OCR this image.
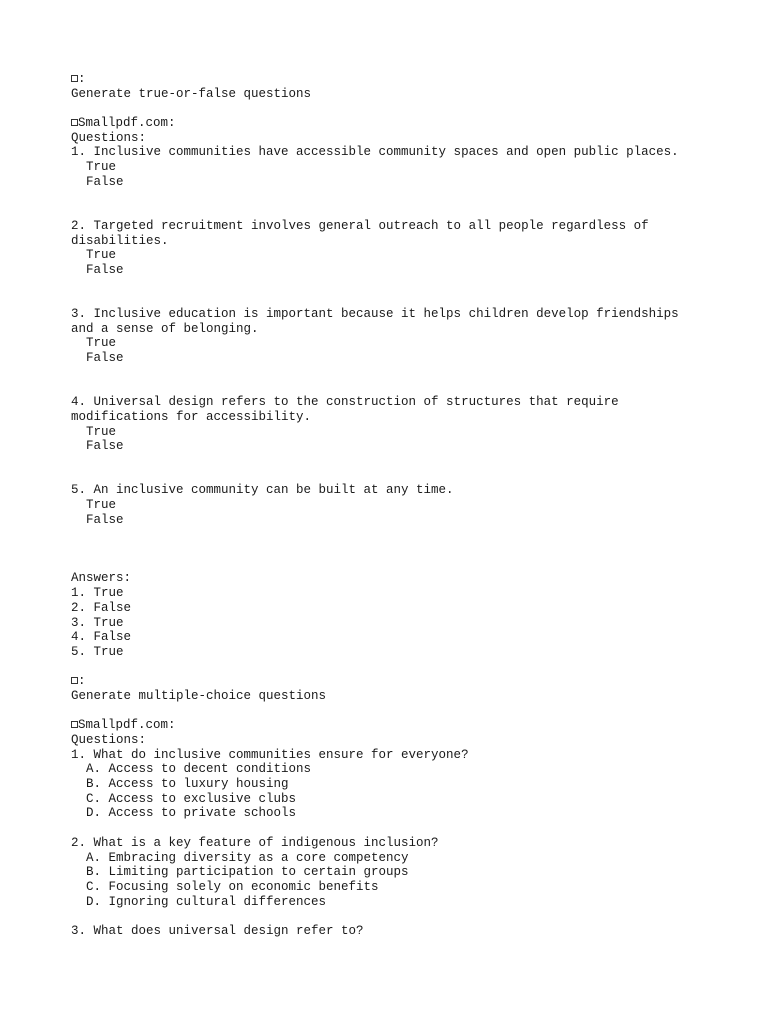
:
Generate true-or-false questions
Smallpdf.com:
Questions:
1. Inclusive communities have accessible community spaces and open public places.
True
False
2. Targeted recruitment involves general outreach to all people regardless of
disabilities.
True
False
3. Inclusive education is important because it helps children develop friendships
and a sense of belonging.
True
False
4. Universal design refers to the construction of structures that require
modifications for accessibility.
True
False
5. An inclusive community can be built at any time.
True
False
Answers:
1. True
2. False
3. True
4. False
5. True
:
Generate multiple-choice questions
Smallpdf.com:
Questions:
1. What do inclusive communities ensure for everyone?
A. Access to decent conditions
B. Access to luxury housing
C. Access to exclusive clubs
D. Access to private schools
2. What is a key feature of indigenous inclusion?
A. Embracing diversity as a core competency
B. Limiting participation to certain groups
C. Focusing solely on economic benefits
D. Ignoring cultural differences
3. What does universal design refer to?
